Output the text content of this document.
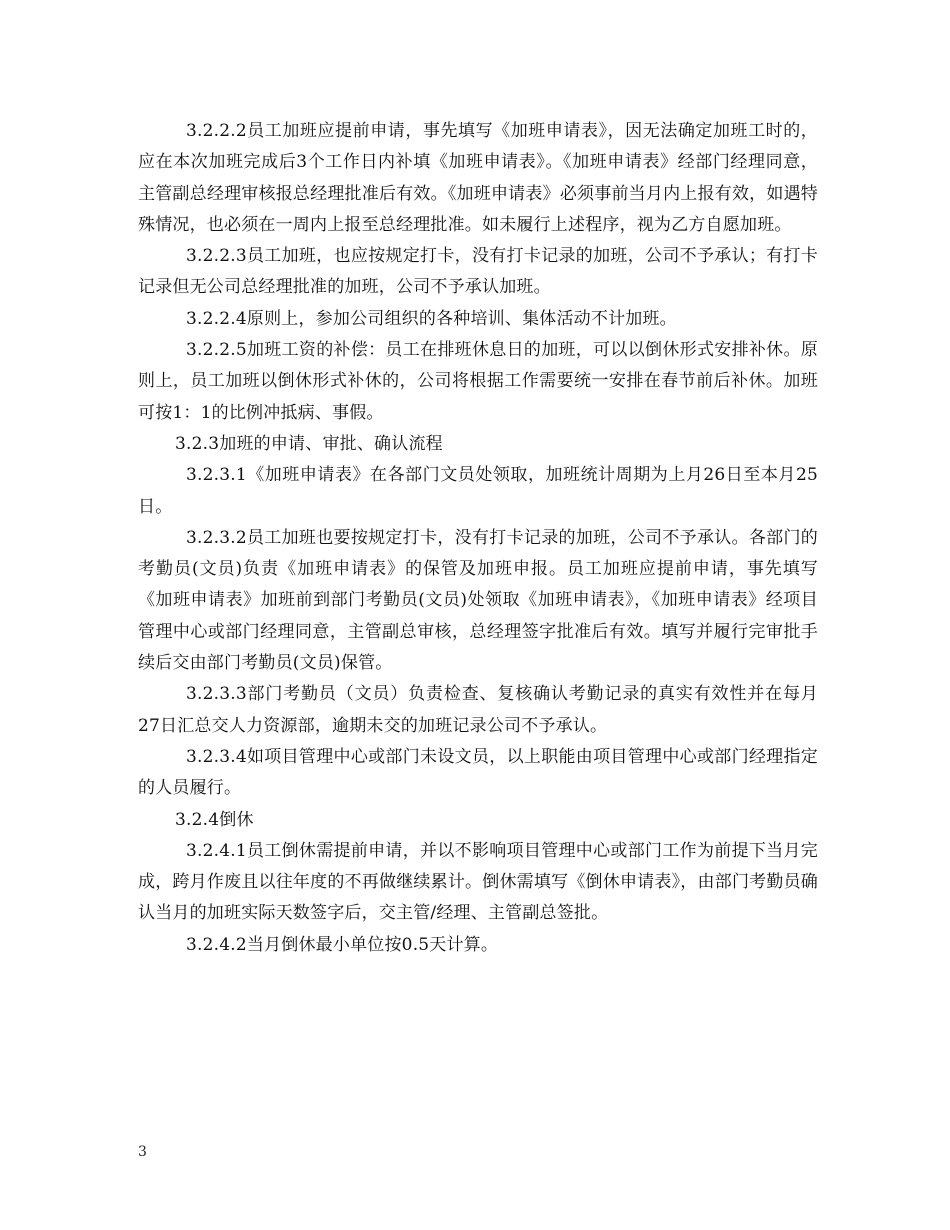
3.2.2.2员工加班应提前申请，事先填写《加班申请表》，因无法确定加班工时的，应在本次加班完成后3个工作日内补填《加班申请表》。《加班申请表》经部门经理同意，主管副总经理审核报总经理批准后有效。《加班申请表》必须事前当月内上报有效，如遇特殊情况，也必须在一周内上报至总经理批准。如未履行上述程序，视为乙方自愿加班。

3.2.2.3员工加班，也应按规定打卡，没有打卡记录的加班，公司不予承认；有打卡记录但无公司总经理批准的加班，公司不予承认加班。

3.2.2.4原则上，参加公司组织的各种培训、集体活动不计加班。

3.2.2.5加班工资的补偿：员工在排班休息日的加班，可以以倒休形式安排补休。原则上，员工加班以倒休形式补休的，公司将根据工作需要统一安排在春节前后补休。加班可按1：1的比例冲抵病、事假。

3.2.3加班的申请、审批、确认流程

3.2.3.1《加班申请表》在各部门文员处领取，加班统计周期为上月26日至本月25日。

3.2.3.2员工加班也要按规定打卡，没有打卡记录的加班，公司不予承认。各部门的考勤员(文员)负责《加班申请表》的保管及加班申报。员工加班应提前申请，事先填写《加班申请表》加班前到部门考勤员(文员)处领取《加班申请表》，《加班申请表》经项目管理中心或部门经理同意，主管副总审核，总经理签字批准后有效。填写并履行完审批手续后交由部门考勤员(文员)保管。

3.2.3.3部门考勤员（文员）负责检查、复核确认考勤记录的真实有效性并在每月27日汇总交人力资源部，逾期未交的加班记录公司不予承认。

3.2.3.4如项目管理中心或部门未设文员，以上职能由项目管理中心或部门经理指定的人员履行。

3.2.4倒休

3.2.4.1员工倒休需提前申请，并以不影响项目管理中心或部门工作为前提下当月完成，跨月作废且以往年度的不再做继续累计。倒休需填写《倒休申请表》，由部门考勤员确认当月的加班实际天数签字后，交主管/经理、主管副总签批。

3.2.4.2当月倒休最小单位按0.5天计算。

3
